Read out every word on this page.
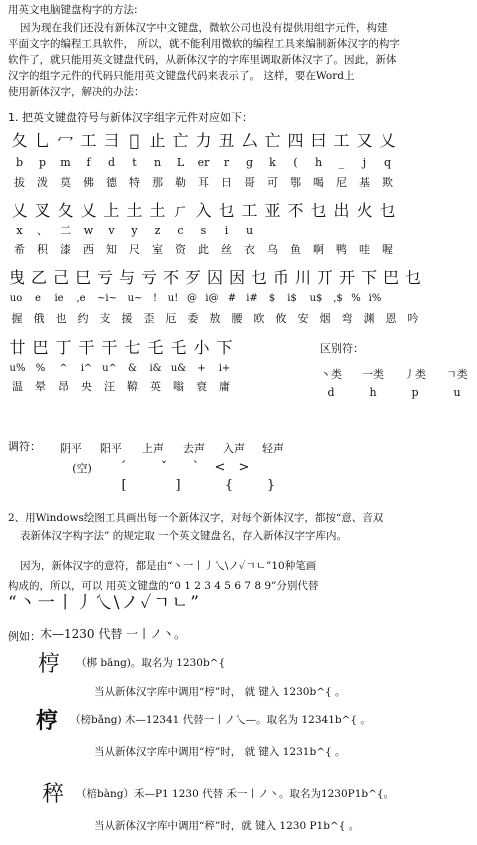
用英文电脑键盘构字的方法:
因为现在我们还没有新体汉字中文键盘，微软公司也没有提供用组字元件，构建
平面文字的编程工具软件， 所以，就不能利用微软的编程工具来编制新体汉字的构字
软件了，就只能用英文键盘代码，从新体汉字的字库里调取新体汉字了。因此，新体
汉字的组字元件的代码只能用英文键盘代码来表示了。 这样，要在Word上
使用新体汉字，解决的办法：
1. 把英文键盘符号与新体汉字组字元件对应如下：
夂 乚 冖 工 彐 𠀉 止 亡 力 丑 厶 亡 四 曰 工 又 乂
b	p	m	f	d	t	n	L	er	r	g	k	(	h	_	j	q
拔	泼	莫	佛	德	特	那	勒	耳	日	哥	可	鄂	喝	尼	基	欺
乂 叉 夂 乂 上 土 土 ㄏ 入 乜 工 亚 不 乜 出 火 乜
x	、	二	w	v	y	z	c	s	i	u
希	积	漆	西	知	尺	室	资	此	丝	衣	乌	鱼	啊	鸭	哇	喔
曳 乙 己 巳 亏 与 亏 不 歹 囚 因 乜 币 川 丌 开 下 巴 乜
uo	e	ie	,e	~i~	u~	!	u! @ i@ #	i#	$	i$	u$	,$ % i%
握	俄	也	约	支	援	歪	厄	委	敖	腰	欧	攸	安	烟	弯	渊	恩	吟
廿 巴 丁 干 干 七 乇 乇 小 下
u%	%	^	i^ u^	&	i& u&	+	i+
温	晕	昂	央	汪	鞥	英	嗡	衰	庸
区别符：
丶类	一类	丿类	ㄱ类
d	h	p	u
调符：	阴平	阳平	上声	去声	入声	轻声
(空)	ˊ	ˇ	ˋ	<	>
[	]	{	}
2、用Windows绘图工具画出每一个新体汉字，对每个新体汉字，都按“意、音双
表新体汉字构字法” 的规定取 一个英文键盘名，存入新体汉字字库内。
因为，新体汉字的意符，都是由“丶一丨丿乀\ノ✓ㄱㄴ”10种笔画
构成的，所以，可以 用英文键盘的“0 1 2 3 4 5 6 7 8 9”分别代替
“丶一丨丿乀\ノ✓ㄱㄴ”
例如： 木—1230 代替 一丨ノ丶。
梈 （梆 bāng)。取名为 1230b^{
当从新体汉字库中调用“梈”时， 就 键入 1230b^{ 。
梈 （榜bǎng) 木—12341 代替一丨ノ乀—。取名为 12341b^{ 。
当从新体汉字库中调用“梈”时， 就 键入 1231b^{ 。
稡 （棓bàng）禾—P1 1230 代替 禾一丨ノ丶。取名为1230P1b^{。
当从新体汉字库中调用“稡”时，就 键入 1230 P1b^{ 。
